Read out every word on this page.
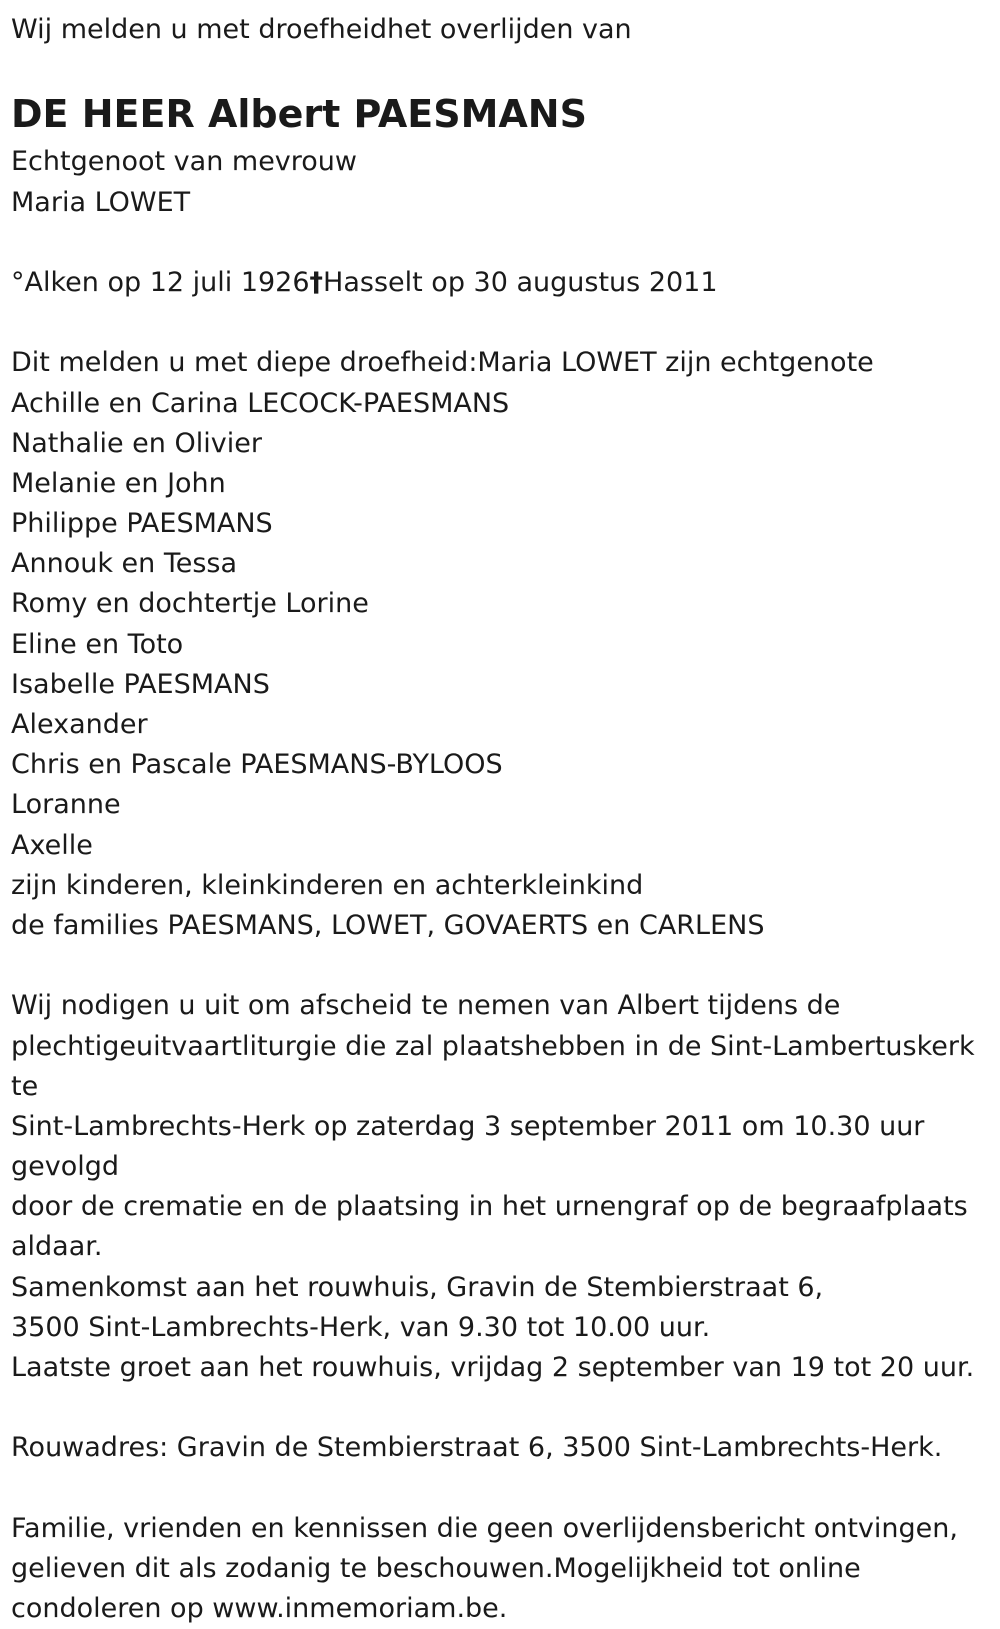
Wij melden u met droefheidhet overlijden van
DE HEER Albert PAESMANS
Echtgenoot van mevrouw
Maria LOWET
°Alken op 12 juli 1926†Hasselt op 30 augustus 2011
Dit melden u met diepe droefheid:Maria LOWET zijn echtgenote
Achille en Carina LECOCK-PAESMANS
Nathalie en Olivier
Melanie en John
Philippe PAESMANS
Annouk en Tessa
Romy en dochtertje Lorine
Eline en Toto
Isabelle PAESMANS
Alexander
Chris en Pascale PAESMANS-BYLOOS
Loranne
Axelle
zijn kinderen, kleinkinderen en achterkleinkind
de families PAESMANS, LOWET, GOVAERTS en CARLENS
Wij nodigen u uit om afscheid te nemen van Albert tijdens de
plechtigeuitvaartliturgie die zal plaatshebben in de Sint-Lambertuskerk
te
Sint-Lambrechts-Herk op zaterdag 3 september 2011 om 10.30 uur
gevolgd
door de crematie en de plaatsing in het urnengraf op de begraafplaats
aldaar.
Samenkomst aan het rouwhuis, Gravin de Stembierstraat 6,
3500 Sint-Lambrechts-Herk, van 9.30 tot 10.00 uur.
Laatste groet aan het rouwhuis, vrijdag 2 september van 19 tot 20 uur.
Rouwadres: Gravin de Stembierstraat 6, 3500 Sint-Lambrechts-Herk.
Familie, vrienden en kennissen die geen overlijdensbericht ontvingen,
gelieven dit als zodanig te beschouwen.Mogelijkheid tot online
condoleren op www.inmemoriam.be.
